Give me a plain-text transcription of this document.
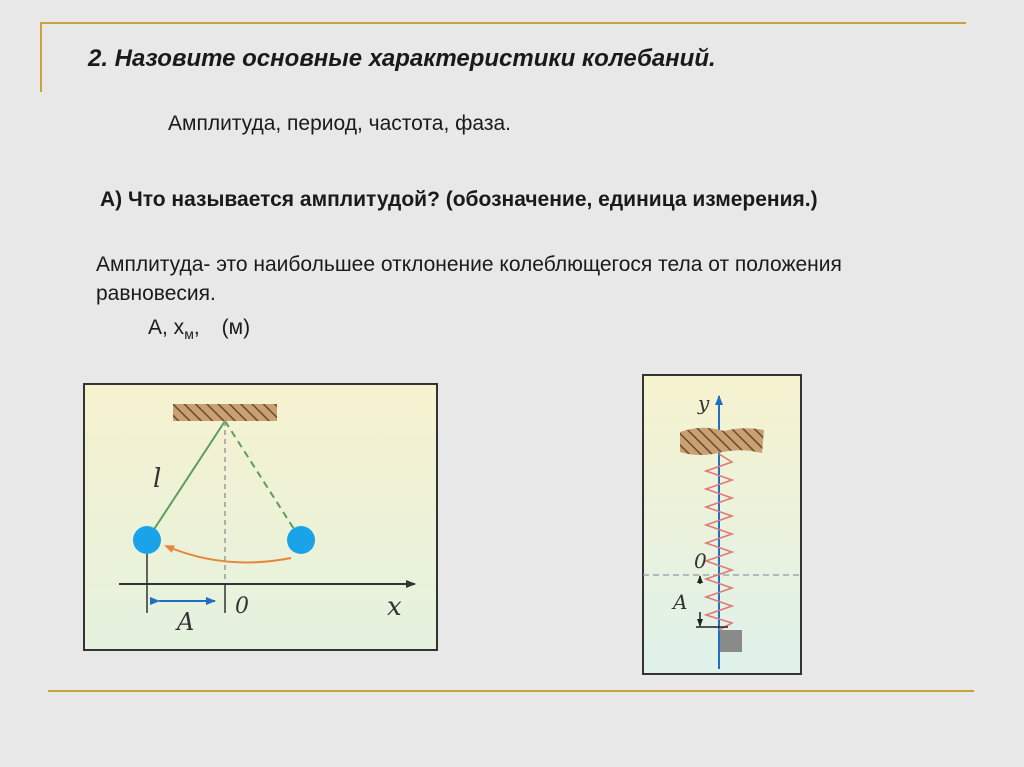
2. Назовите основные характеристики колебаний.
Амплитуда, период, частота, фаза.
А) Что называется амплитудой? (обозначение, единица измерения.)
Амплитуда- это наибольшее отклонение колеблющегося тела от положения равновесия.
А, $x_м$, (м)
l
A
0	x
y
0
A
